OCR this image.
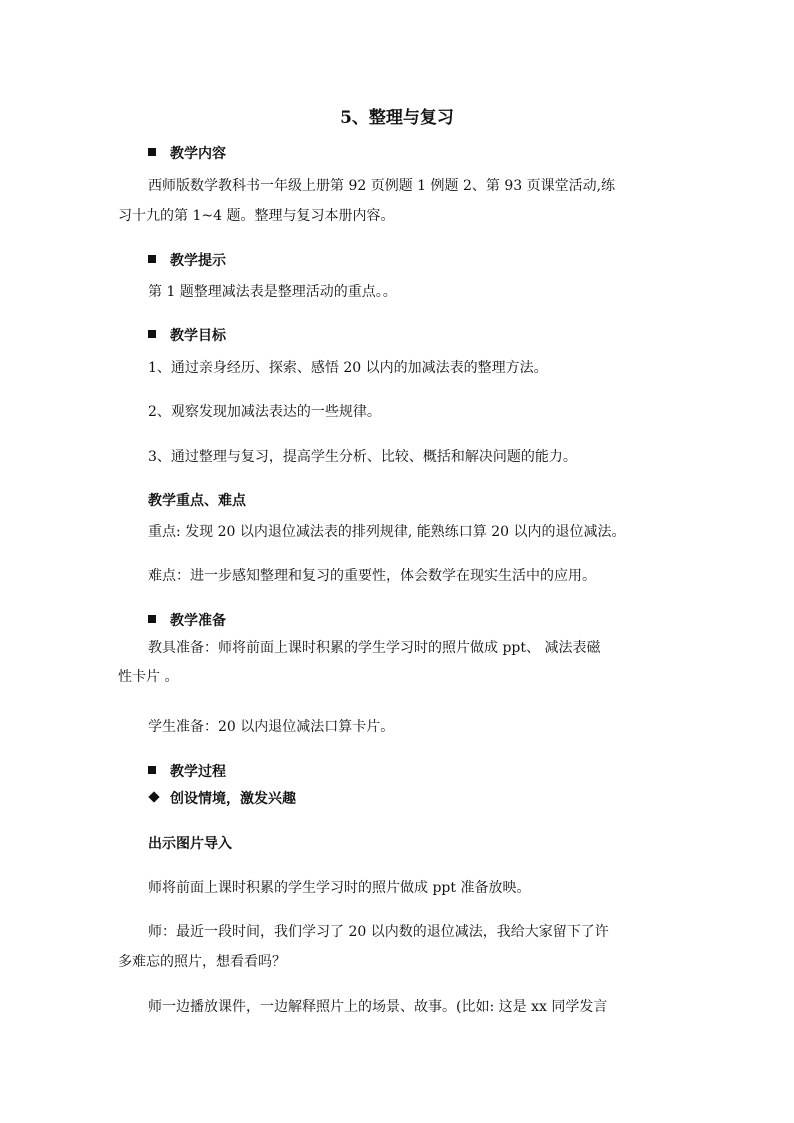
5、整理与复习
教学内容
西师版数学教科书一年级上册第 92 页例题 1 例题 2、第 93 页课堂活动,练
习十九的第 1~4 题。整理与复习本册内容。
教学提示
第 1 题整理减法表是整理活动的重点。。
教学目标
1、通过亲身经历、探索、感悟 20 以内的加减法表的整理方法。
2、观察发现加减法表达的一些规律。
3、通过整理与复习，提高学生分析、比较、概括和解决问题的能力。
教学重点、难点
重点: 发现 20 以内退位减法表的排列规律, 能熟练口算 20 以内的退位减法。
难点：进一步感知整理和复习的重要性，体会数学在现实生活中的应用。
教学准备
教具准备：师将前面上课时积累的学生学习时的照片做成 ppt、 减法表磁
性卡片 。
学生准备：20 以内退位减法口算卡片。
教学过程
创设情境，激发兴趣
出示图片导入
师将前面上课时积累的学生学习时的照片做成 ppt 准备放映。
师：最近一段时间，我们学习了 20 以内数的退位减法，我给大家留下了许
多难忘的照片，想看看吗？
师一边播放课件，一边解释照片上的场景、故事。(比如: 这是 xx 同学发言
